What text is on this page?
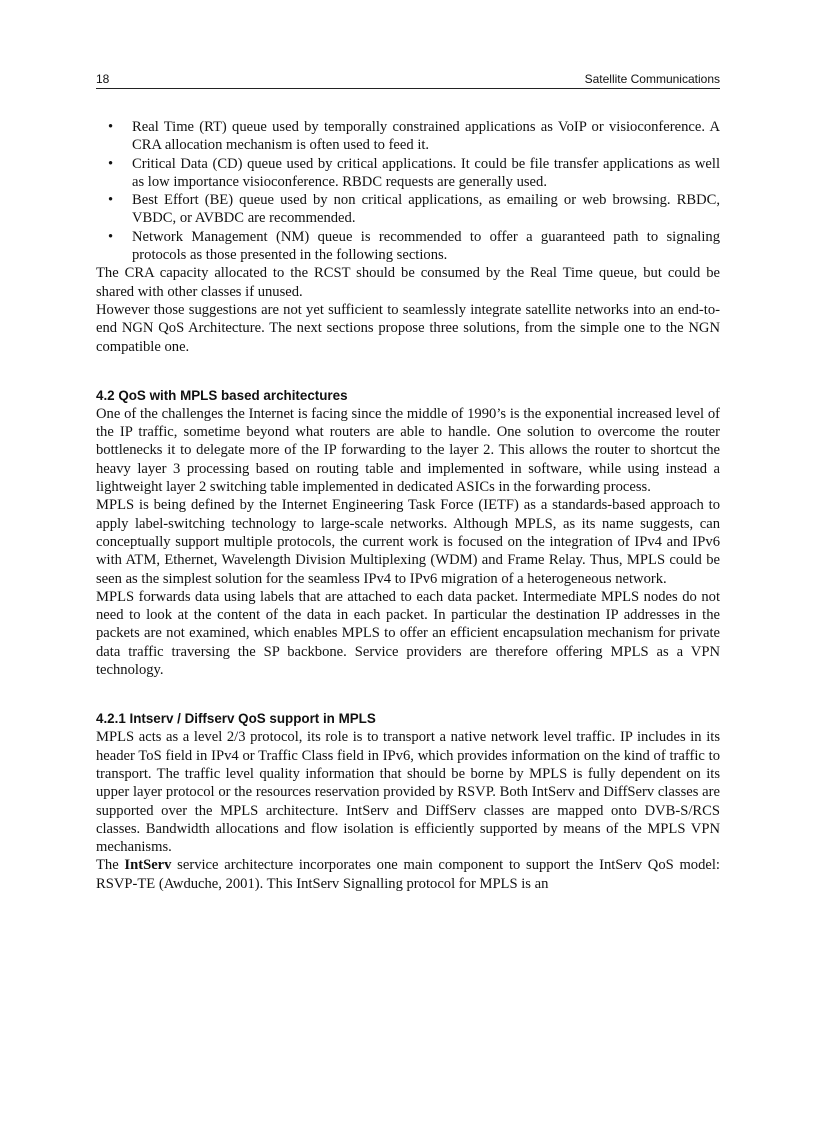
18	Satellite Communications
• Real Time (RT) queue used by temporally constrained applications as VoIP or visioconference. A CRA allocation mechanism is often used to feed it.
• Critical Data (CD) queue used by critical applications. It could be file transfer applications as well as low importance visioconference. RBDC requests are generally used.
• Best Effort (BE) queue used by non critical applications, as emailing or web browsing. RBDC, VBDC, or AVBDC are recommended.
• Network Management (NM) queue is recommended to offer a guaranteed path to signaling protocols as those presented in the following sections.

The CRA capacity allocated to the RCST should be consumed by the Real Time queue, but could be shared with other classes if unused.

However those suggestions are not yet sufficient to seamlessly integrate satellite networks into an end-to-end NGN QoS Architecture. The next sections propose three solutions, from the simple one to the NGN compatible one.

4.2 QoS with MPLS based architectures

One of the challenges the Internet is facing since the middle of 1990’s is the exponential increased level of the IP traffic, sometime beyond what routers are able to handle. One solution to overcome the router bottlenecks it to delegate more of the IP forwarding to the layer 2. This allows the router to shortcut the heavy layer 3 processing based on routing table and implemented in software, while using instead a lightweight layer 2 switching table implemented in dedicated ASICs in the forwarding process.

MPLS is being defined by the Internet Engineering Task Force (IETF) as a standards-based approach to apply label-switching technology to large-scale networks. Although MPLS, as its name suggests, can conceptually support multiple protocols, the current work is focused on the integration of IPv4 and IPv6 with ATM, Ethernet, Wavelength Division Multiplexing (WDM) and Frame Relay. Thus, MPLS could be seen as the simplest solution for the seamless IPv4 to IPv6 migration of a heterogeneous network.

MPLS forwards data using labels that are attached to each data packet. Intermediate MPLS nodes do not need to look at the content of the data in each packet. In particular the destination IP addresses in the packets are not examined, which enables MPLS to offer an efficient encapsulation mechanism for private data traffic traversing the SP backbone. Service providers are therefore offering MPLS as a VPN technology.

4.2.1 Intserv / Diffserv QoS support in MPLS

MPLS acts as a level 2/3 protocol, its role is to transport a native network level traffic. IP includes in its header ToS field in IPv4 or Traffic Class field in IPv6, which provides information on the kind of traffic to transport. The traffic level quality information that should be borne by MPLS is fully dependent on its upper layer protocol or the resources reservation provided by RSVP. Both IntServ and DiffServ classes are supported over the MPLS architecture. IntServ and DiffServ classes are mapped onto DVB-S/RCS classes. Bandwidth allocations and flow isolation is efficiently supported by means of the MPLS VPN mechanisms.

The IntServ service architecture incorporates one main component to support the IntServ QoS model: RSVP-TE (Awduche, 2001). This IntServ Signalling protocol for MPLS is an
